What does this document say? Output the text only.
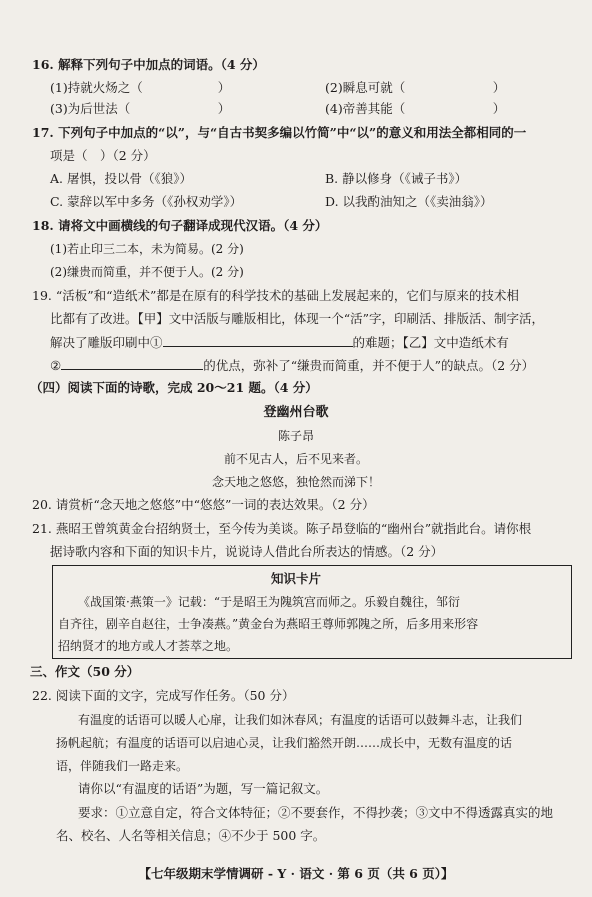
16. 解释下列句子中加点的词语。（4 分）
(1)持就火炀之（　　　　　　）	(2)瞬息可就（　　　　　　　）
(3)为后世法（　　　　　　　）	(4)帝善其能（　　　　　　　）
17. 下列句子中加点的“以”，与“自古书契多编以竹简”中“以”的意义和用法全都相同的一
项是（　）（2 分）
A. 屠惧，投以骨（《狼》）	B. 静以修身（《诫子书》）
C. 蒙辞以军中多务（《孙权劝学》）	D. 以我酌油知之（《卖油翁》）
18. 请将文中画横线的句子翻译成现代汉语。（4 分）
(1)若止印三二本，未为简易。(2 分)
(2)缣贵而简重，并不便于人。(2 分)
19. “活板”和“造纸术”都是在原有的科学技术的基础上发展起来的，它们与原来的技术相
比都有了改进。【甲】文中活版与雕版相比，体现一个“活”字，印刷活、排版活、制字活，
解决了雕版印刷中①	的难题；【乙】文中造纸术有
②	的优点，弥补了“缣贵而简重，并不便于人”的缺点。（2 分）
（四）阅读下面的诗歌，完成 20～21 题。（4 分）
登幽州台歌
陈子昂
前不见古人，后不见来者。
念天地之悠悠，独怆然而涕下！
20. 请赏析“念天地之悠悠”中“悠悠”一词的表达效果。（2 分）
21. 燕昭王曾筑黄金台招纳贤士，至今传为美谈。陈子昂登临的“幽州台”就指此台。请你根
据诗歌内容和下面的知识卡片，说说诗人借此台所表达的情感。（2 分）
知识卡片
《战国策·燕策一》记载：“于是昭王为隗筑宫而师之。乐毅自魏往，邹衍
自齐往，剧辛自赵往，士争凑燕。”黄金台为燕昭王尊师郭隗之所，后多用来形容
招纳贤才的地方或人才荟萃之地。
三、作文（50 分）
22. 阅读下面的文字，完成写作任务。（50 分）
有温度的话语可以暖人心扉，让我们如沐春风；有温度的话语可以鼓舞斗志，让我们
扬帆起航；有温度的话语可以启迪心灵，让我们豁然开朗……成长中，无数有温度的话
语，伴随我们一路走来。
请你以“有温度的话语”为题，写一篇记叙文。
要求：①立意自定，符合文体特征；②不要套作，不得抄袭；③文中不得透露真实的地
名、校名、人名等相关信息；④不少于 500 字。
【七年级期末学情调研 - Y · 语文 · 第 6 页（共 6 页）】
